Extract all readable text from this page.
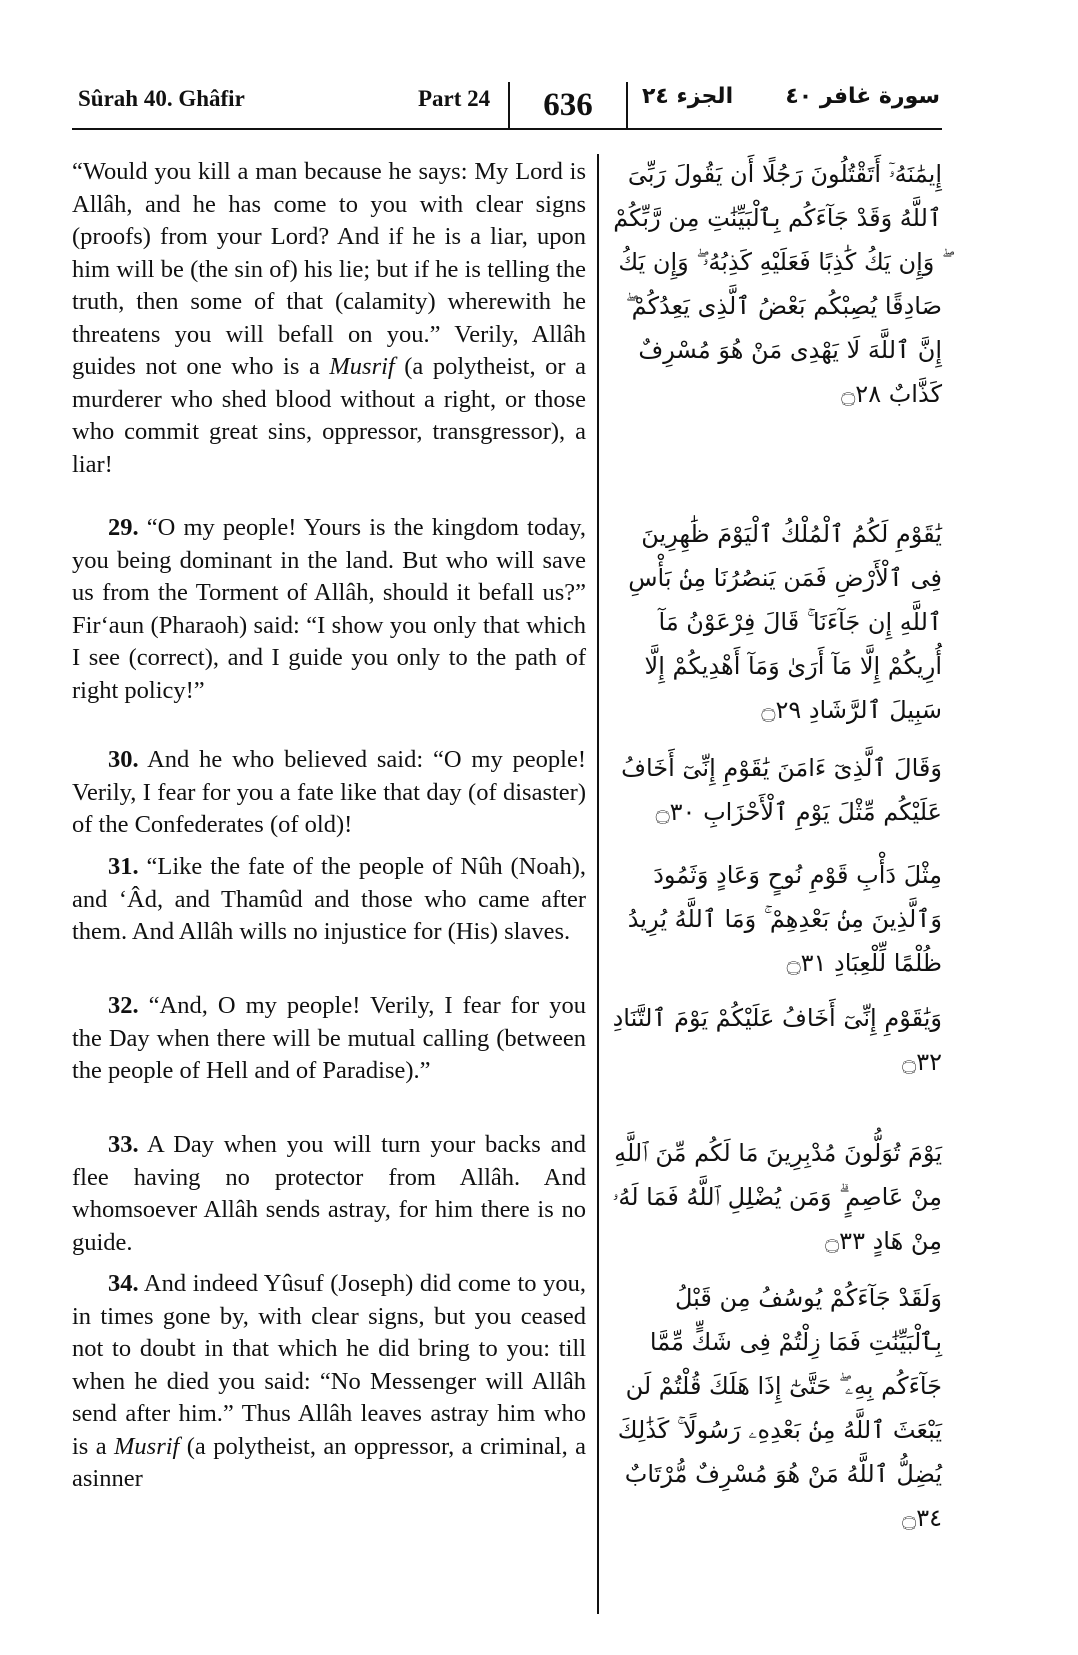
Sûrah 40. Ghâfir	Part 24	636	الجزء ٢٤ سورة غافر ٤٠

“Would you kill a man because he says: My Lord is Allâh, and he has come to you with clear signs (proofs) from your Lord? And if he is a liar, upon him will be (the sin of) his lie; but if he is telling the truth, then some of that (calamity) wherewith he threatens you will befall on you.” Verily, Allâh guides not one who is a Musrif (a polytheist, or a murderer who shed blood without a right, or those who commit great sins, oppressor, transgressor), a liar!

29. “O my people! Yours is the kingdom today, you being dominant in the land. But who will save us from the Torment of Allâh, should it befall us?” Fir‘aun (Pharaoh) said: “I show you only that which I see (correct), and I guide you only to the path of right policy!”

30. And he who believed said: “O my people! Verily, I fear for you a fate like that day (of disaster) of the Confederates (of old)!

31. “Like the fate of the people of Nûh (Noah), and ‘Âd, and Thamûd and those who came after them. And Allâh wills no injustice for (His) slaves.

32. “And, O my people! Verily, I fear for you the Day when there will be mutual calling (between the people of Hell and of Paradise).”

33. A Day when you will turn your backs and flee having no protector from Allâh. And whomsoever Allâh sends astray, for him there is no guide.

34. And indeed Yûsuf (Joseph) did come to you, in times gone by, with clear signs, but you ceased not to doubt in that which he did bring to you: till when he died you said: “No Messenger will Allâh send after him.” Thus Allâh leaves astray him who is a Musrif (a polytheist, an oppressor, a criminal, a asinner

إِيمَٰنَهُۥٓ أَتَقْتُلُونَ رَجُلًا أَن يَقُولَ رَبِّىَ ٱللَّهُ وَقَدْ جَآءَكُم بِٱلْبَيِّنَٰتِ مِن رَّبِّكُمْ ۖ وَإِن يَكُ كَٰذِبًا فَعَلَيْهِ كَذِبُهُۥ ۖ وَإِن يَكُ صَادِقًا يُصِبْكُم بَعْضُ ٱلَّذِى يَعِدُكُمْ ۖ إِنَّ ٱللَّهَ لَا يَهْدِى مَنْ هُوَ مُسْرِفٌ كَذَّابٌ ۝٢٨

يَٰقَوْمِ لَكُمُ ٱلْمُلْكُ ٱلْيَوْمَ ظَٰهِرِينَ فِى ٱلْأَرْضِ فَمَن يَنصُرُنَا مِنۢ بَأْسِ ٱللَّهِ إِن جَآءَنَا ۚ قَالَ فِرْعَوْنُ مَآ أُرِيكُمْ إِلَّا مَآ أَرَىٰ وَمَآ أَهْدِيكُمْ إِلَّا سَبِيلَ ٱلرَّشَادِ ۝٢٩

وَقَالَ ٱلَّذِىٓ ءَامَنَ يَٰقَوْمِ إِنِّىٓ أَخَافُ عَلَيْكُم مِّثْلَ يَوْمِ ٱلْأَحْزَابِ ۝٣٠

مِثْلَ دَأْبِ قَوْمِ نُوحٍ وَعَادٍ وَثَمُودَ وَٱلَّذِينَ مِنۢ بَعْدِهِمْ ۚ وَمَا ٱللَّهُ يُرِيدُ ظُلْمًا لِّلْعِبَادِ ۝٣١

وَيَٰقَوْمِ إِنِّىٓ أَخَافُ عَلَيْكُمْ يَوْمَ ٱلتَّنَادِ ۝٣٢

يَوْمَ تُوَلُّونَ مُدْبِرِينَ مَا لَكُم مِّنَ ٱللَّهِ مِنْ عَاصِمٍ ۗ وَمَن يُضْلِلِ ٱللَّهُ فَمَا لَهُۥ مِنْ هَادٍ ۝٣٣

وَلَقَدْ جَآءَكُمْ يُوسُفُ مِن قَبْلُ بِٱلْبَيِّنَٰتِ فَمَا زِلْتُمْ فِى شَكٍّ مِّمَّا جَآءَكُم بِهِۦ ۖ حَتَّىٰٓ إِذَا هَلَكَ قُلْتُمْ لَن يَبْعَثَ ٱللَّهُ مِنۢ بَعْدِهِۦ رَسُولًا ۚ كَذَٰلِكَ يُضِلُّ ٱللَّهُ مَنْ هُوَ مُسْرِفٌ مُّرْتَابٌ ۝٣٤
